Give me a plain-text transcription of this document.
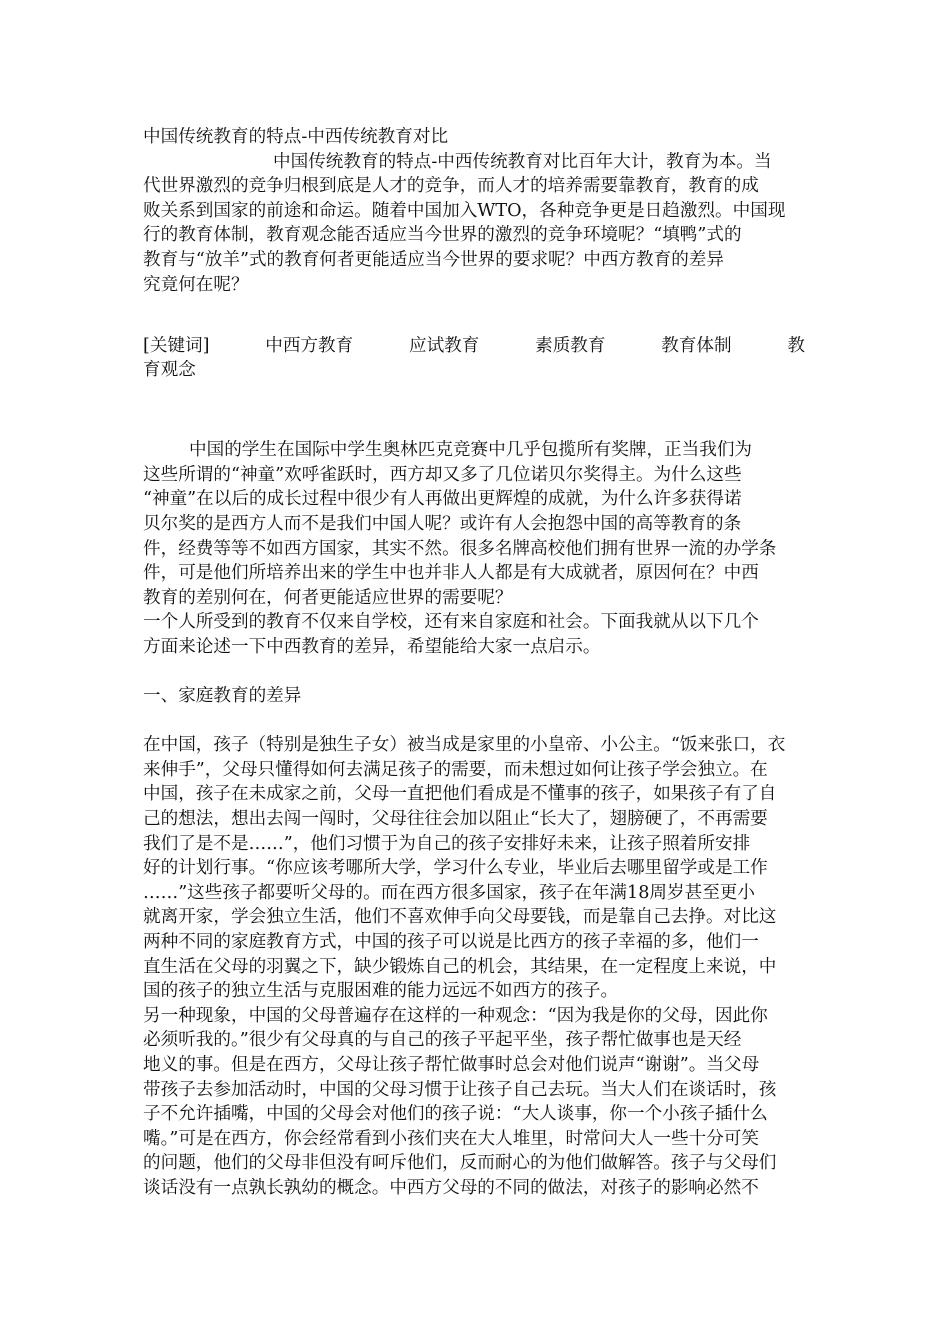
中国传统教育的特点-中西传统教育对比
中国传统教育的特点-中西传统教育对比百年大计，教育为本。当
代世界激烈的竞争归根到底是人才的竞争，而人才的培养需要靠教育，教育的成
败关系到国家的前途和命运。随着中国加入WTO，各种竞争更是日趋激烈。中国现
行的教育体制，教育观念能否适应当今世界的激烈的竞争环境呢？“填鸭”式的
教育与“放羊”式的教育何者更能适应当今世界的要求呢？中西方教育的差异
究竟何在呢？
[关键词]	中西方教育	应试教育	素质教育	教育体制	教
育观念
中国的学生在国际中学生奥林匹克竞赛中几乎包揽所有奖牌，正当我们为
这些所谓的“神童”欢呼雀跃时，西方却又多了几位诺贝尔奖得主。为什么这些
“神童”在以后的成长过程中很少有人再做出更辉煌的成就，为什么许多获得诺
贝尔奖的是西方人而不是我们中国人呢？或许有人会抱怨中国的高等教育的条
件，经费等等不如西方国家，其实不然。很多名牌高校他们拥有世界一流的办学条
件，可是他们所培养出来的学生中也并非人人都是有大成就者，原因何在？中西
教育的差别何在，何者更能适应世界的需要呢？
一个人所受到的教育不仅来自学校，还有来自家庭和社会。下面我就从以下几个
方面来论述一下中西教育的差异，希望能给大家一点启示。
一、家庭教育的差异
在中国，孩子（特别是独生子女）被当成是家里的小皇帝、小公主。“饭来张口，衣
来伸手”，父母只懂得如何去满足孩子的需要，而未想过如何让孩子学会独立。在
中国，孩子在未成家之前，父母一直把他们看成是不懂事的孩子，如果孩子有了自
己的想法，想出去闯一闯时，父母往往会加以阻止“长大了，翅膀硬了，不再需要
我们了是不是……”，他们习惯于为自己的孩子安排好未来，让孩子照着所安排
好的计划行事。“你应该考哪所大学，学习什么专业，毕业后去哪里留学或是工作
……”这些孩子都要听父母的。而在西方很多国家，孩子在年满18周岁甚至更小
就离开家，学会独立生活，他们不喜欢伸手向父母要钱，而是靠自己去挣。对比这
两种不同的家庭教育方式，中国的孩子可以说是比西方的孩子幸福的多，他们一
直生活在父母的羽翼之下，缺少锻炼自己的机会，其结果，在一定程度上来说，中
国的孩子的独立生活与克服困难的能力远远不如西方的孩子。
另一种现象，中国的父母普遍存在这样的一种观念：“因为我是你的父母，因此你
必须听我的。”很少有父母真的与自己的孩子平起平坐，孩子帮忙做事也是天经
地义的事。但是在西方，父母让孩子帮忙做事时总会对他们说声“谢谢”。当父母
带孩子去参加活动时，中国的父母习惯于让孩子自己去玩。当大人们在谈话时，孩
子不允许插嘴，中国的父母会对他们的孩子说：“大人谈事，你一个小孩子插什么
嘴。”可是在西方，你会经常看到小孩们夹在大人堆里，时常问大人一些十分可笑
的问题，他们的父母非但没有呵斥他们，反而耐心的为他们做解答。孩子与父母们
谈话没有一点孰长孰幼的概念。中西方父母的不同的做法，对孩子的影响必然不
